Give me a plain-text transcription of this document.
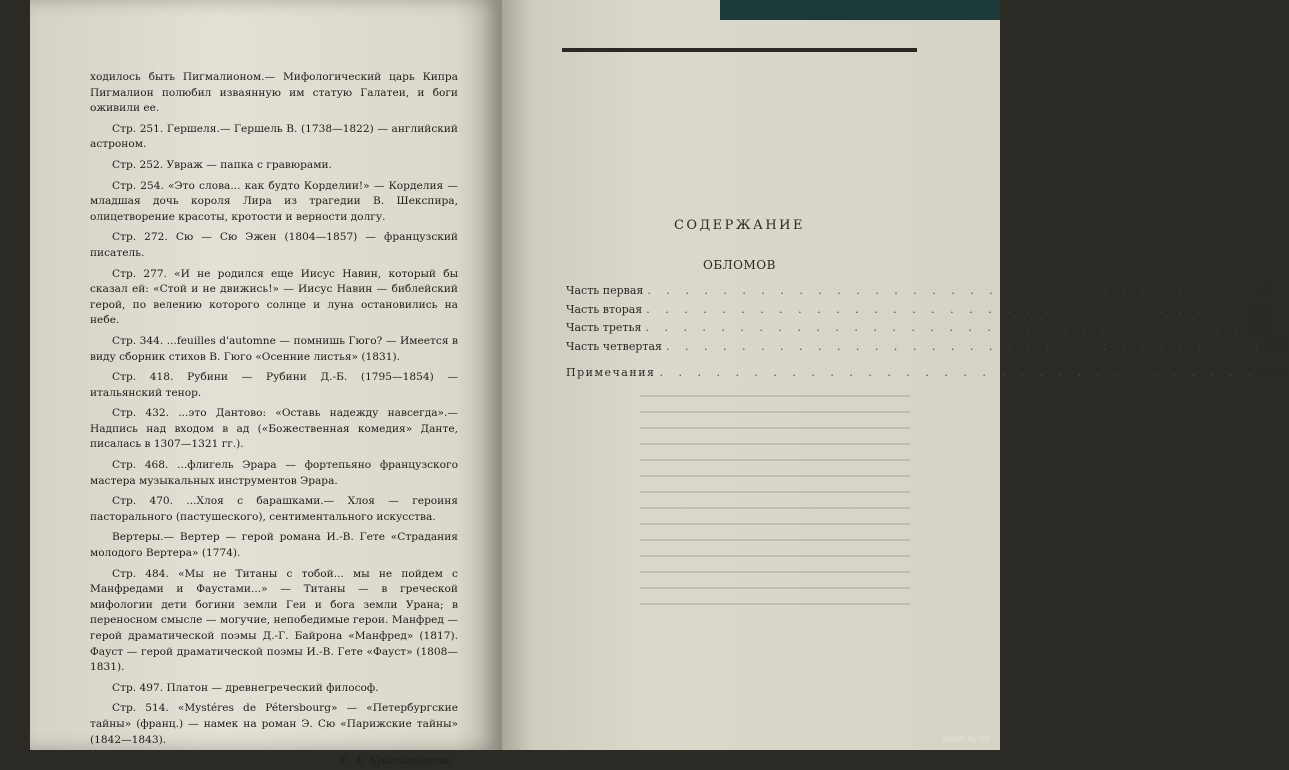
ходилось быть Пигмалионом.— Мифологический царь Кипра Пигмалион полюбил изваянную им статую Галатеи, и боги оживили ее.

Стр. 251. Гершеля.— Гершель В. (1738—1822) — английский астроном.

Стр. 252. Увраж — папка с гравюрами.

Стр. 254. «Это слова... как будто Корделии!» — Корделия — младшая дочь короля Лира из трагедии В. Шекспира, олицетворение красоты, кротости и верности долгу.

Стр. 272. Сю — Сю Эжен (1804—1857) — французский писатель.

Стр. 277. «И не родился еще Иисус Навин, который бы сказал ей: «Стой и не движись!» — Иисус Навин — библейский герой, по велению которого солнце и луна остановились на небе.

Стр. 344. ...feuilles d'automne — помнишь Гюго? — Имеется в виду сборник стихов В. Гюго «Осенние листья» (1831).

Стр. 418. Рубини — Рубини Д.-Б. (1795—1854) — итальянский тенор.

Стр. 432. ...это Дантово: «Оставь надежду навсегда».— Надпись над входом в ад («Божественная комедия» Данте, писалась в 1307—1321 гг.).

Стр. 468. ...флигель Эрара — фортепьяно французского мастера музыкальных инструментов Эрара.

Стр. 470. ...Хлоя с барашками.— Хлоя — героиня пасторального (пастушеского), сентиментального искусства.

Вертеры.— Вертер — герой романа И.-В. Гете «Страдания молодого Вертера» (1774).

Стр. 484. «Мы не Титаны с тобой... мы не пойдем с Манфредами и Фаустами...» — Титаны — в греческой мифологии дети богини земли Геи и бога земли Урана; в переносном смысле — могучие, непобедимые герои. Манфред — герой драматической поэмы Д.-Г. Байрона «Манфред» (1817). Фауст — герой драматической поэмы И.-В. Гете «Фауст» (1808—1831).

Стр. 497. Платон — древнегреческий философ.

Стр. 514. «Mystéres de Pétersbourg» — «Петербургские тайны» (франц.) — намек на роман Э. Сю «Парижские тайны» (1842—1843).

Е. А. Краснощекова
СОДЕРЖАНИЕ
ОБЛОМОВ
Часть первая . . . . . . . . . . . . . . . . . . . . . . . . . . . . . . . .	3
Часть вторая . . . . . . . . . . . . . . . . . . . . . . . . . . . . . . . . 158
Часть третья . . . . . . . . . . . . . . . . . . . . . . . . . . . . . . . . 301
Часть четвертая . . . . . . . . . . . . . . . . . . . . . . . . . . . . . . . . 391
Примечания . . . . . . . . . . . . . . . . . . . . . . . . . . . . . . . . 518
www.ay.by
